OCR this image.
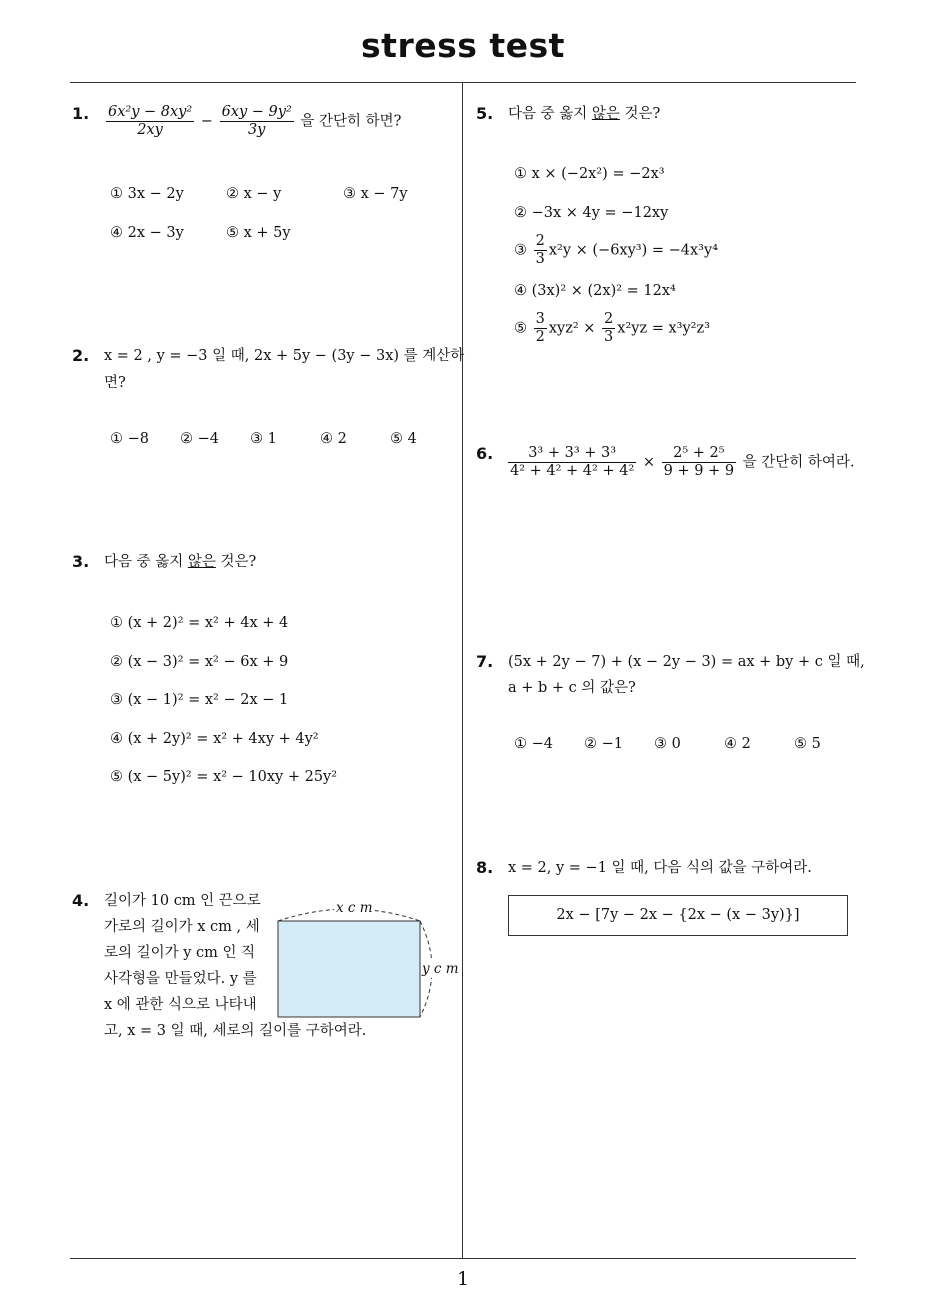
stress test
1
1. $\frac{\text{6x²y − 8xy²}}{2xy} - \frac{\text{6xy − 9y²}}{3y}$ 을 간단히 하면?
① 3x − 2y	② x − y	③ x − 7y
④ 2x − 3y	⑤ x + 5y
2. x = 2 , y = −3 일 때, 2x + 5y − (3y − 3x) 를 계산하
면?
① −8 ② −4 ③ 1	④ 2	⑤ 4
3. 다음 중 옳지 않은 것은?
① (x + 2)² = x² + 4x + 4
② (x − 3)² = x² − 6x + 9
③ (x − 1)² = x² − 2x − 1
④ (x + 2y)² = x² + 4xy + 4y²
⑤ (x − 5y)² = x² − 10xy + 25y²
4. 길이가 10 cm 인 끈으로
가로의 길이가 x cm , 세
로의 길이가 y cm 인 직
사각형을 만들었다. y 를
x 에 관한 식으로 나타내
고, x = 3 일 때, 세로의 길이를 구하여라.
x c m
y c m
5. 다음 중 옳지 않은 것은?
① x × (−2x²) = −2x³
② −3x × 4y = −12xy
③ $\frac{2}{3} x^2y \times (-6xy^3) = -4x^3y^4$
④ (3x)² × (2x)² = 12x⁴
⑤ $\frac{3}{2} xyz^2 \times \frac{2}{3} x^2yz = x^3y^2z^3$
6. $\frac{\text{3³ + 3³ + 3³}}{\text{4² + 4² + 4² + 4²}} \times \frac{\text{2⁵ + 2⁵}}{9 + 9 + 9}$ 을 간단히 하여라.
7. (5x + 2y − 7) + (x − 2y − 3) = ax + by + c 일 때,
a + b + c 의 값은?
① −4 ② −1 ③ 0	④ 2	⑤ 5
8. x = 2, y = −1 일 때, 다음 식의 값을 구하여라.
2x − [7y − 2x − {2x − (x − 3y)}]
